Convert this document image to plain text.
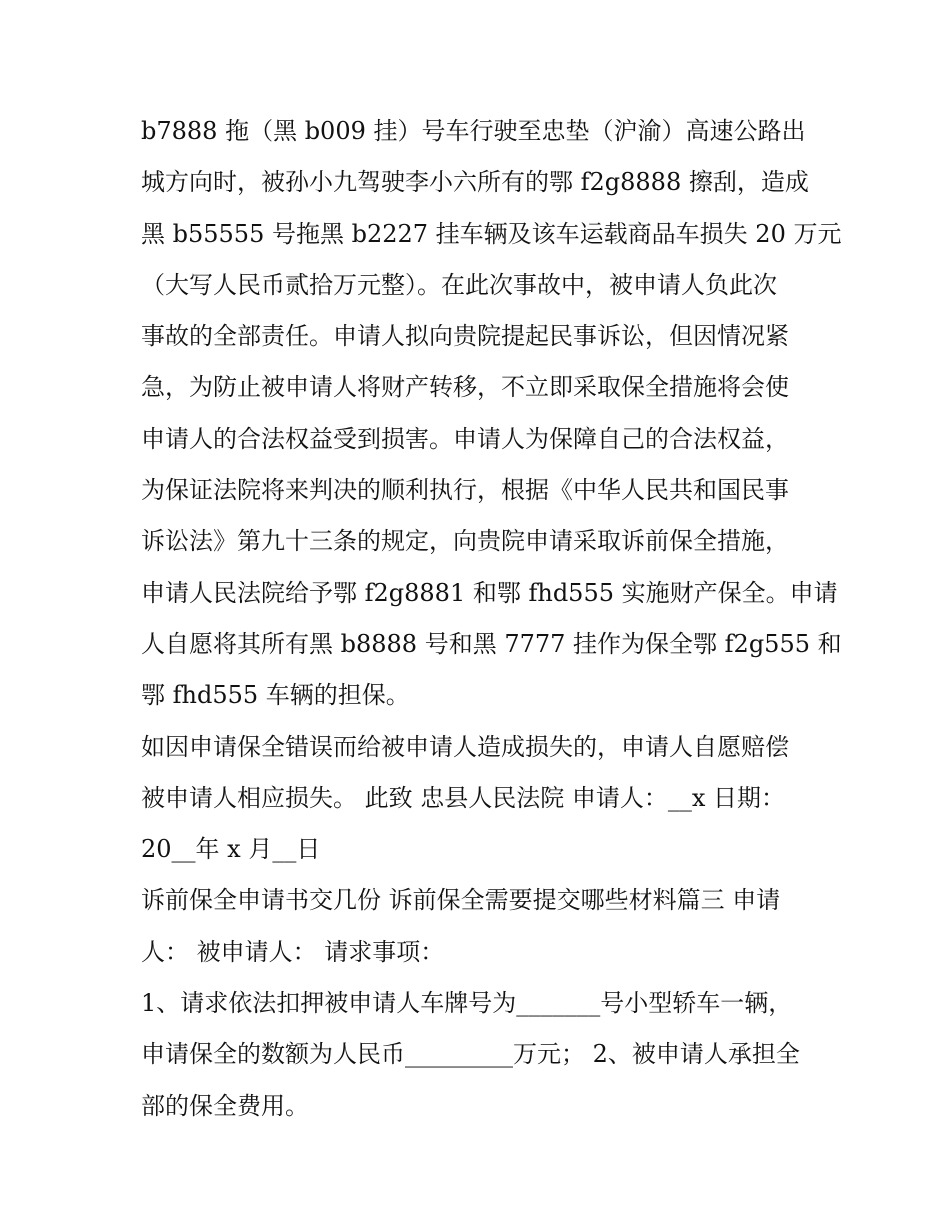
b7888 拖（黑 b009 挂）号车行驶至忠垫（沪渝）高速公路出
城方向时，被孙小九驾驶李小六所有的鄂 f2g8888 擦刮，造成
黑 b55555 号拖黑 b2227 挂车辆及该车运载商品车损失 20 万元
（大写人民币贰拾万元整）。在此次事故中，被申请人负此次
事故的全部责任。申请人拟向贵院提起民事诉讼，但因情况紧
急，为防止被申请人将财产转移，不立即采取保全措施将会使
申请人的合法权益受到损害。申请人为保障自己的合法权益，
为保证法院将来判决的顺利执行，根据《中华人民共和国民事
诉讼法》第九十三条的规定，向贵院申请采取诉前保全措施，
申请人民法院给予鄂 f2g8881 和鄂 fhd555 实施财产保全。申请
人自愿将其所有黑 b8888 号和黑 7777 挂作为保全鄂 f2g555 和
鄂 fhd555 车辆的担保。
如因申请保全错误而给被申请人造成损失的，申请人自愿赔偿
被申请人相应损失。 此致 忠县人民法院 申请人：__x 日期：
20__年 x 月__日
诉前保全申请书交几份 诉前保全需要提交哪些材料篇三 申请
人： 被申请人： 请求事项：
1、请求依法扣押被申请人车牌号为_______号小型轿车一辆，
申请保全的数额为人民币_________万元； 2、被申请人承担全
部的保全费用。
